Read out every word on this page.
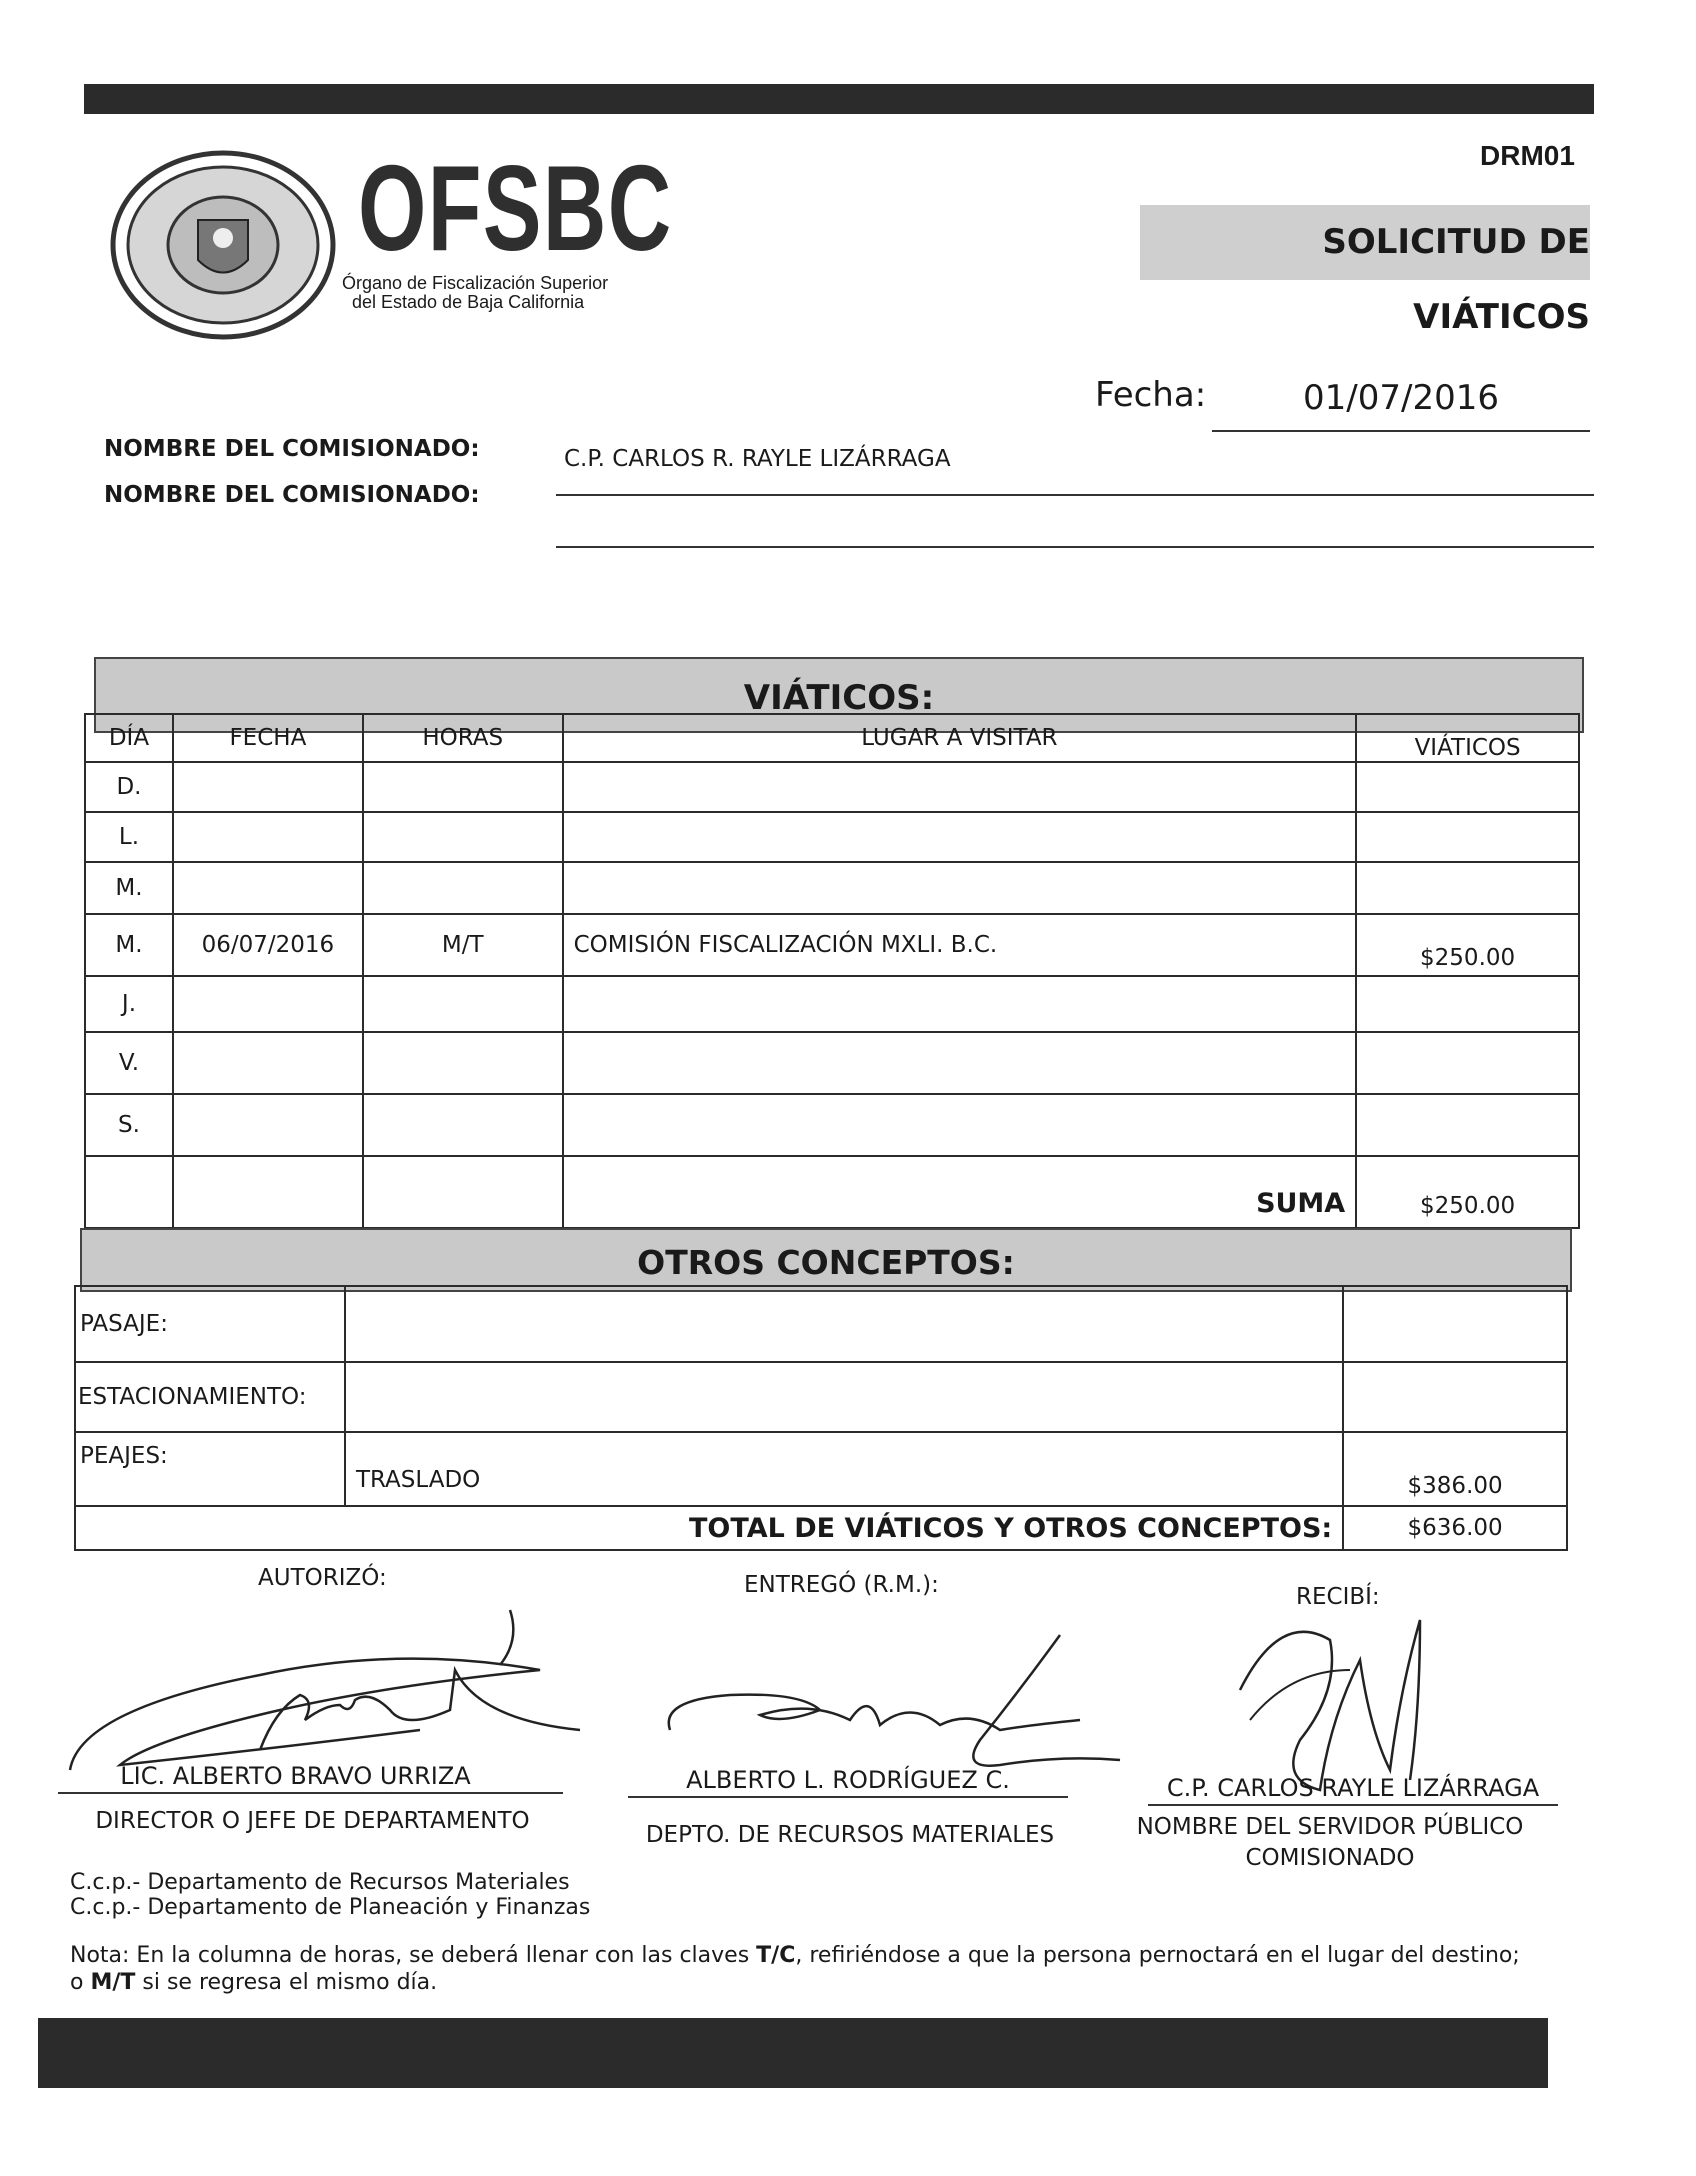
DRM01
OFSBC
Órgano de Fiscalización Superior
del Estado de Baja California
SOLICITUD DE VIÁTICOS
Fecha:	01/07/2016
NOMBRE DEL COMISIONADO:	C.P. CARLOS R. RAYLE LIZÁRRAGA
NOMBRE DEL COMISIONADO:
VIÁTICOS:
DÍA	FECHA	HORAS	LUGAR A VISITAR	VIÁTICOS
D.				
L.				
M.				
M.	06/07/2016	M/T	COMISIÓN FISCALIZACIÓN MXLI. B.C.	$250.00
J.				
V.				
S.				
			SUMA	$250.00
OTROS CONCEPTOS:
PASAJE:		
ESTACIONAMIENTO:		
PEAJES:	TRASLADO	$386.00
TOTAL DE VIÁTICOS Y OTROS CONCEPTOS:		$636.00
AUTORIZÓ:	ENTREGÓ (R.M.):	RECIBÍ:
LIC. ALBERTO BRAVO URRIZA
DIRECTOR O JEFE DE DEPARTAMENTO
ALBERTO L. RODRÍGUEZ C.
DEPTO. DE RECURSOS MATERIALES
C.P. CARLOS RAYLE LIZÁRRAGA
NOMBRE DEL SERVIDOR PÚBLICO
COMISIONADO
C.c.p.- Departamento de Recursos Materiales
C.c.p.- Departamento de Planeación y Finanzas
Nota: En la columna de horas, se deberá llenar con las claves T/C, refiriéndose a que la persona pernoctará en el lugar del destino;
o M/T si se regresa el mismo día.
